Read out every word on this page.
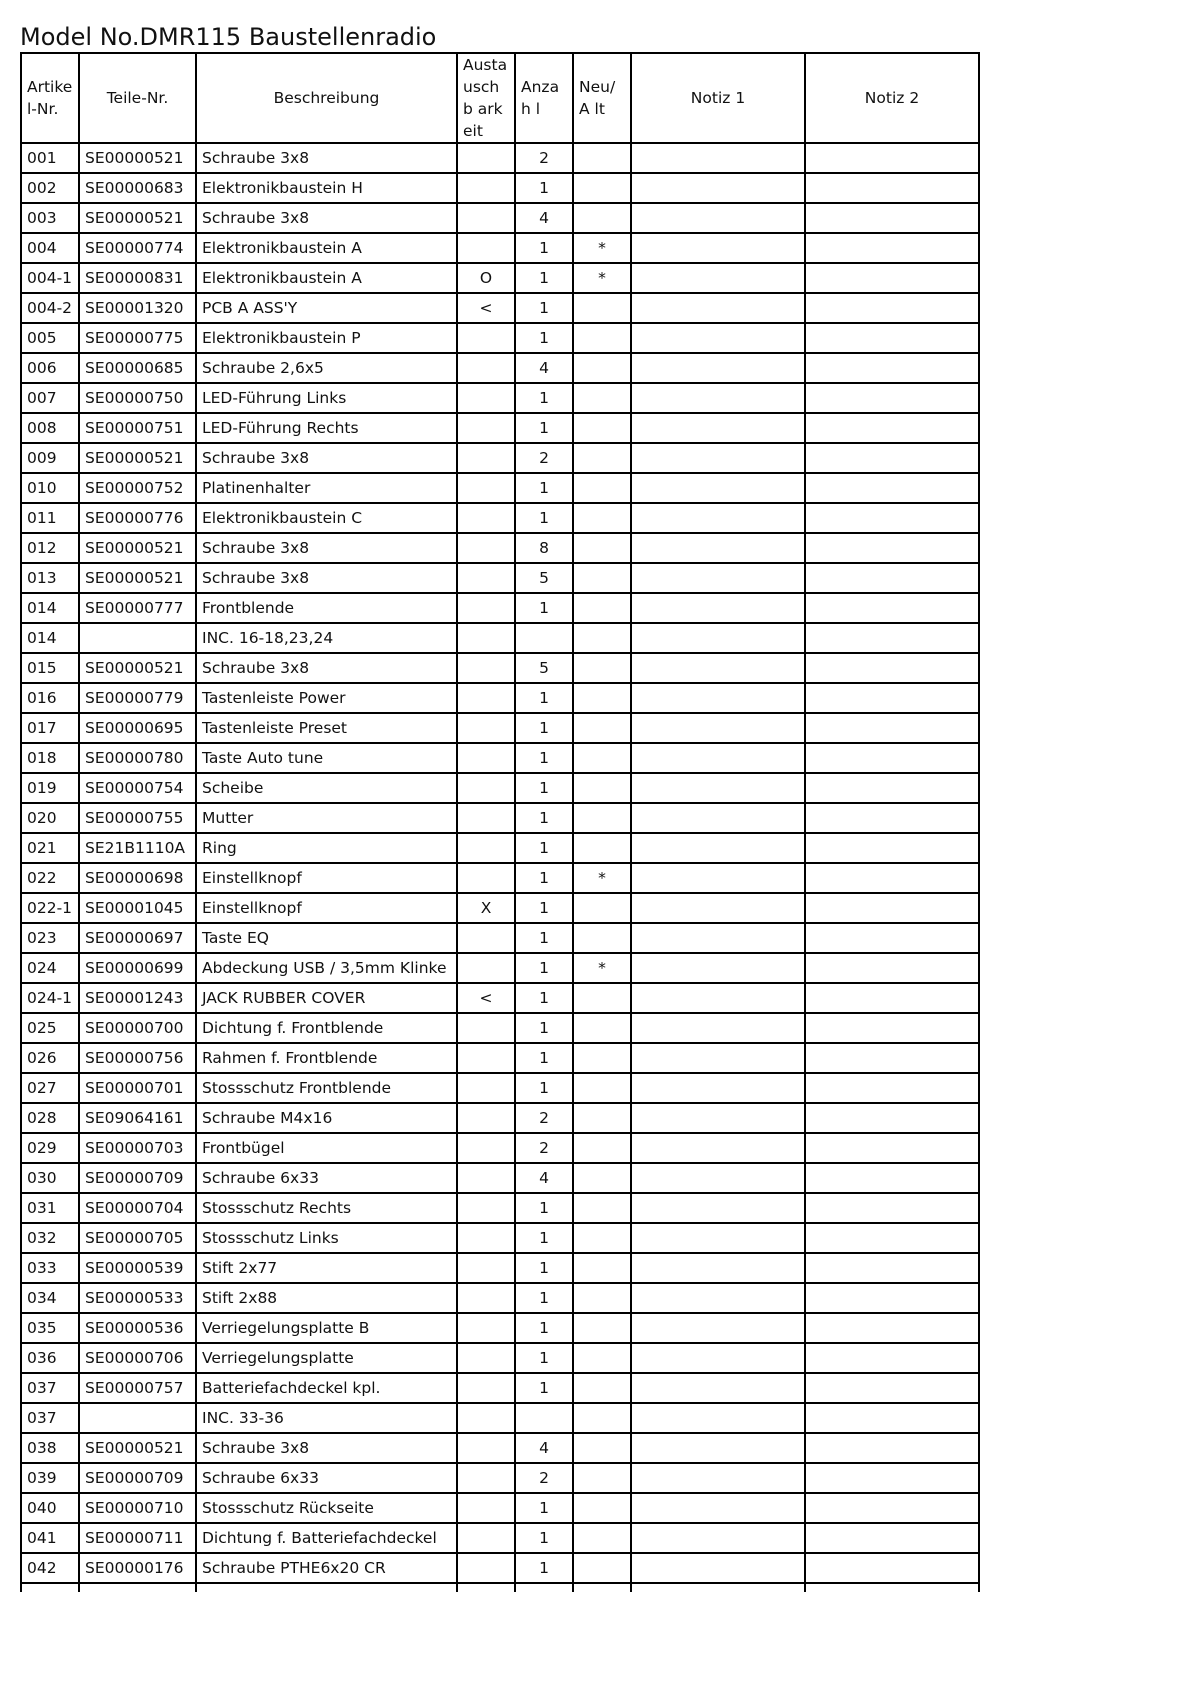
Model No.DMR115 Baustellenradio
Artike l-Nr.	Teile-Nr.	Beschreibung	Austa uschb arkeit	Anzah l	Neu/A lt	Notiz 1	Notiz 2
001	SE00000521	Schraube 3x8		2			
002	SE00000683	Elektronikbaustein H		1			
003	SE00000521	Schraube 3x8		4			
004	SE00000774	Elektronikbaustein A		1	*		
004-1	SE00000831	Elektronikbaustein A	O	1	*		
004-2	SE00001320	PCB A ASS'Y	<	1			
005	SE00000775	Elektronikbaustein P		1			
006	SE00000685	Schraube 2,6x5		4			
007	SE00000750	LED-Führung Links		1			
008	SE00000751	LED-Führung Rechts		1			
009	SE00000521	Schraube 3x8		2			
010	SE00000752	Platinenhalter		1			
011	SE00000776	Elektronikbaustein C		1			
012	SE00000521	Schraube 3x8		8			
013	SE00000521	Schraube 3x8		5			
014	SE00000777	Frontblende		1			
014		INC. 16-18,23,24					
015	SE00000521	Schraube 3x8		5			
016	SE00000779	Tastenleiste Power		1			
017	SE00000695	Tastenleiste Preset		1			
018	SE00000780	Taste Auto tune		1			
019	SE00000754	Scheibe		1			
020	SE00000755	Mutter		1			
021	SE21B1110A	Ring		1			
022	SE00000698	Einstellknopf		1	*		
022-1	SE00001045	Einstellknopf	X	1			
023	SE00000697	Taste EQ		1			
024	SE00000699	Abdeckung USB / 3,5mm Klinke		1	*		
024-1	SE00001243	JACK RUBBER COVER	<	1			
025	SE00000700	Dichtung f. Frontblende		1			
026	SE00000756	Rahmen f. Frontblende		1			
027	SE00000701	Stossschutz Frontblende		1			
028	SE09064161	Schraube M4x16		2			
029	SE00000703	Frontbügel		2			
030	SE00000709	Schraube 6x33		4			
031	SE00000704	Stossschutz Rechts		1			
032	SE00000705	Stossschutz Links		1			
033	SE00000539	Stift 2x77		1			
034	SE00000533	Stift 2x88		1			
035	SE00000536	Verriegelungsplatte B		1			
036	SE00000706	Verriegelungsplatte		1			
037	SE00000757	Batteriefachdeckel kpl.		1			
037		INC. 33-36					
038	SE00000521	Schraube 3x8		4			
039	SE00000709	Schraube 6x33		2			
040	SE00000710	Stossschutz Rückseite		1			
041	SE00000711	Dichtung f. Batteriefachdeckel		1			
042	SE00000176	Schraube PTHE6x20 CR		1			
